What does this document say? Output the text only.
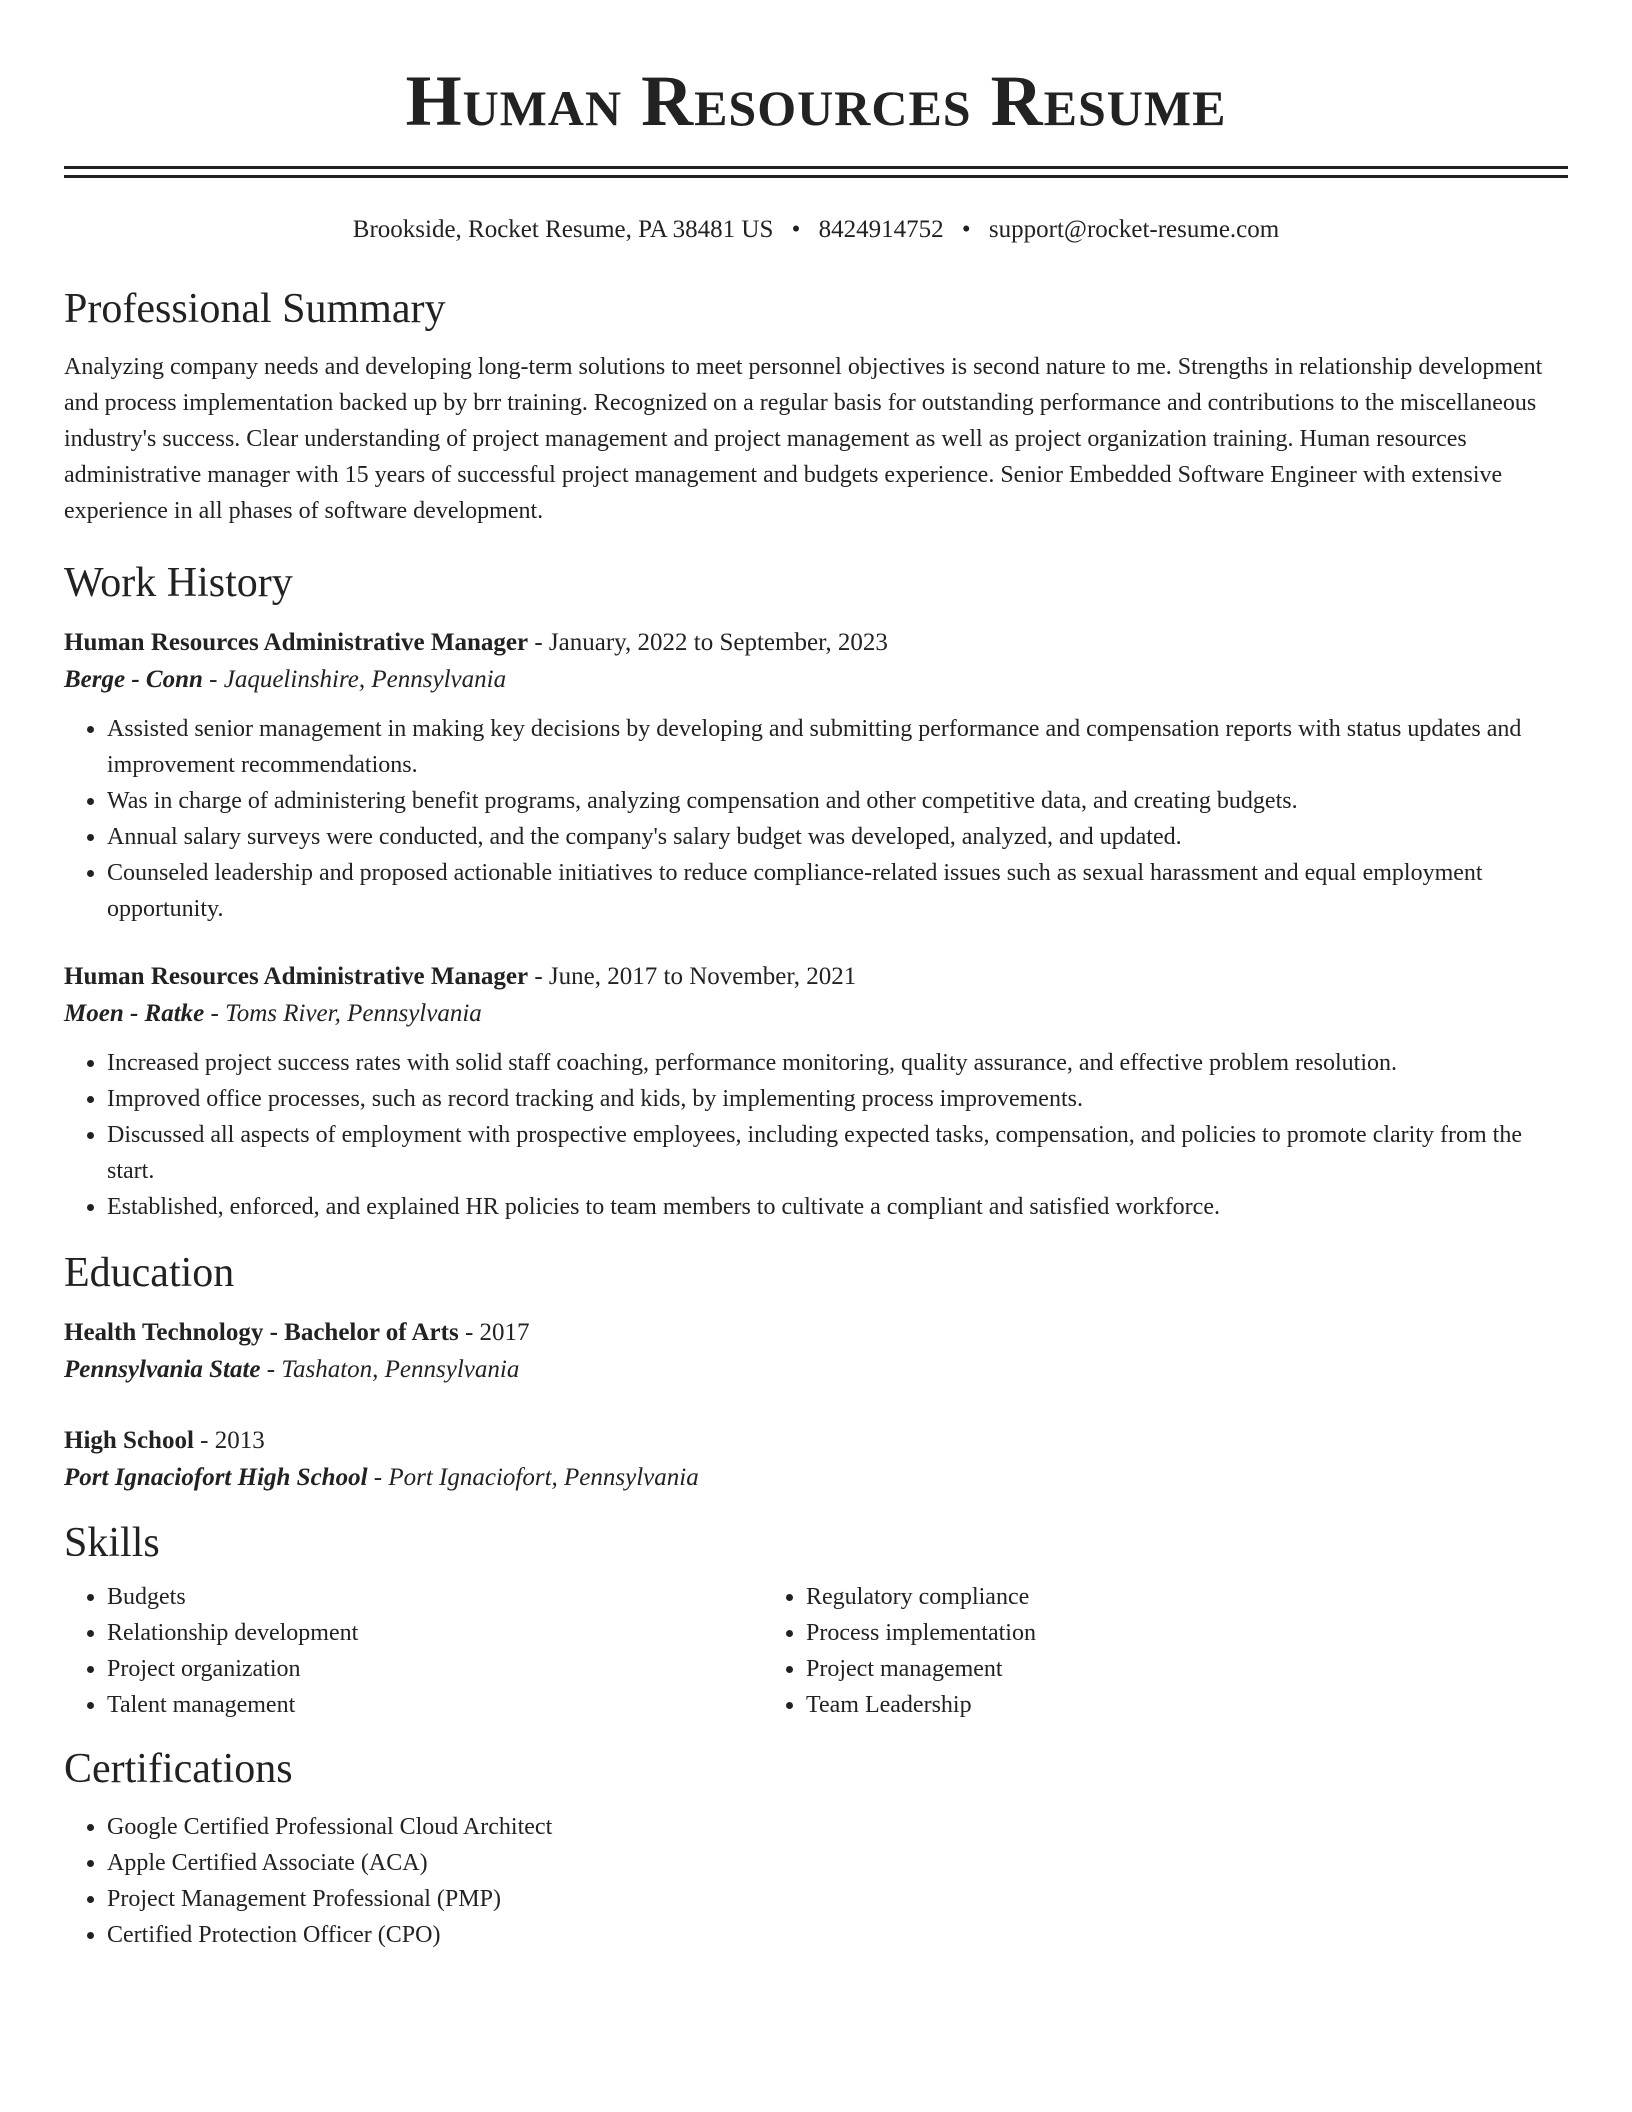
Human Resources Resume
Brookside, Rocket Resume, PA 38481 US • 8424914752 • support@rocket-resume.com
Professional Summary
Analyzing company needs and developing long-term solutions to meet personnel objectives is second nature to me. Strengths in relationship development and process implementation backed up by brr training. Recognized on a regular basis for outstanding performance and contributions to the miscellaneous industry's success. Clear understanding of project management and project management as well as project organization training. Human resources administrative manager with 15 years of successful project management and budgets experience. Senior Embedded Software Engineer with extensive experience in all phases of software development.
Work History
Human Resources Administrative Manager - January, 2022 to September, 2023
Berge - Conn - Jaquelinshire, Pennsylvania
• Assisted senior management in making key decisions by developing and submitting performance and compensation reports with status updates and improvement recommendations.
• Was in charge of administering benefit programs, analyzing compensation and other competitive data, and creating budgets.
• Annual salary surveys were conducted, and the company's salary budget was developed, analyzed, and updated.
• Counseled leadership and proposed actionable initiatives to reduce compliance-related issues such as sexual harassment and equal employment opportunity.
Human Resources Administrative Manager - June, 2017 to November, 2021
Moen - Ratke - Toms River, Pennsylvania
• Increased project success rates with solid staff coaching, performance monitoring, quality assurance, and effective problem resolution.
• Improved office processes, such as record tracking and kids, by implementing process improvements.
• Discussed all aspects of employment with prospective employees, including expected tasks, compensation, and policies to promote clarity from the start.
• Established, enforced, and explained HR policies to team members to cultivate a compliant and satisfied workforce.
Education
Health Technology - Bachelor of Arts - 2017
Pennsylvania State - Tashaton, Pennsylvania
High School - 2013
Port Ignaciofort High School - Port Ignaciofort, Pennsylvania
Skills
• Budgets
• Relationship development
• Project organization
• Talent management
• Regulatory compliance
• Process implementation
• Project management
• Team Leadership
Certifications
• Google Certified Professional Cloud Architect
• Apple Certified Associate (ACA)
• Project Management Professional (PMP)
• Certified Protection Officer (CPO)
